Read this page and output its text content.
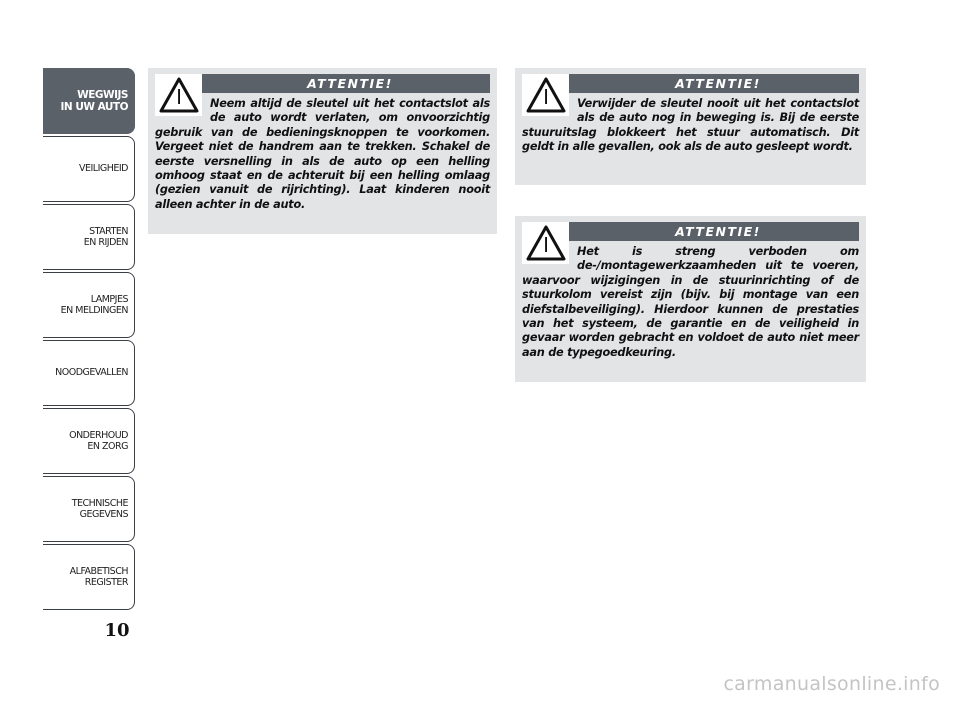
WEGWIJS
IN UW AUTO
VEILIGHEID
STARTEN
EN RIJDEN
LAMPJES
EN MELDINGEN
NOODGEVALLEN
ONDERHOUD
EN ZORG
TECHNISCHE
GEGEVENS
ALFABETISCH
REGISTER
10
ATTENTIE!
Neem altijd de sleutel uit het contactslot als de auto wordt verlaten, om onvoorzichtig gebruik van de bedieningsknoppen te voorkomen. Vergeet niet de handrem aan te trekken. Schakel de eerste versnelling in als de auto op een helling omhoog staat en de achteruit bij een helling omlaag (gezien vanuit de rijrichting). Laat kinderen nooit alleen achter in de auto.
ATTENTIE!
Verwijder de sleutel nooit uit het contactslot als de auto nog in beweging is. Bij de eerste stuuruitslag blokkeert het stuur automatisch. Dit geldt in alle gevallen, ook als de auto gesleept wordt.
ATTENTIE!
Het is streng verboden om de-/montagewerkzaamheden uit te voeren, waarvoor wijzigingen in de stuurinrichting of de stuurkolom vereist zijn (bijv. bij montage van een diefstalbeveiliging). Hierdoor kunnen de prestaties van het systeem, de garantie en de veiligheid in gevaar worden gebracht en voldoet de auto niet meer aan de typegoedkeuring.
carmanualsonline.info
